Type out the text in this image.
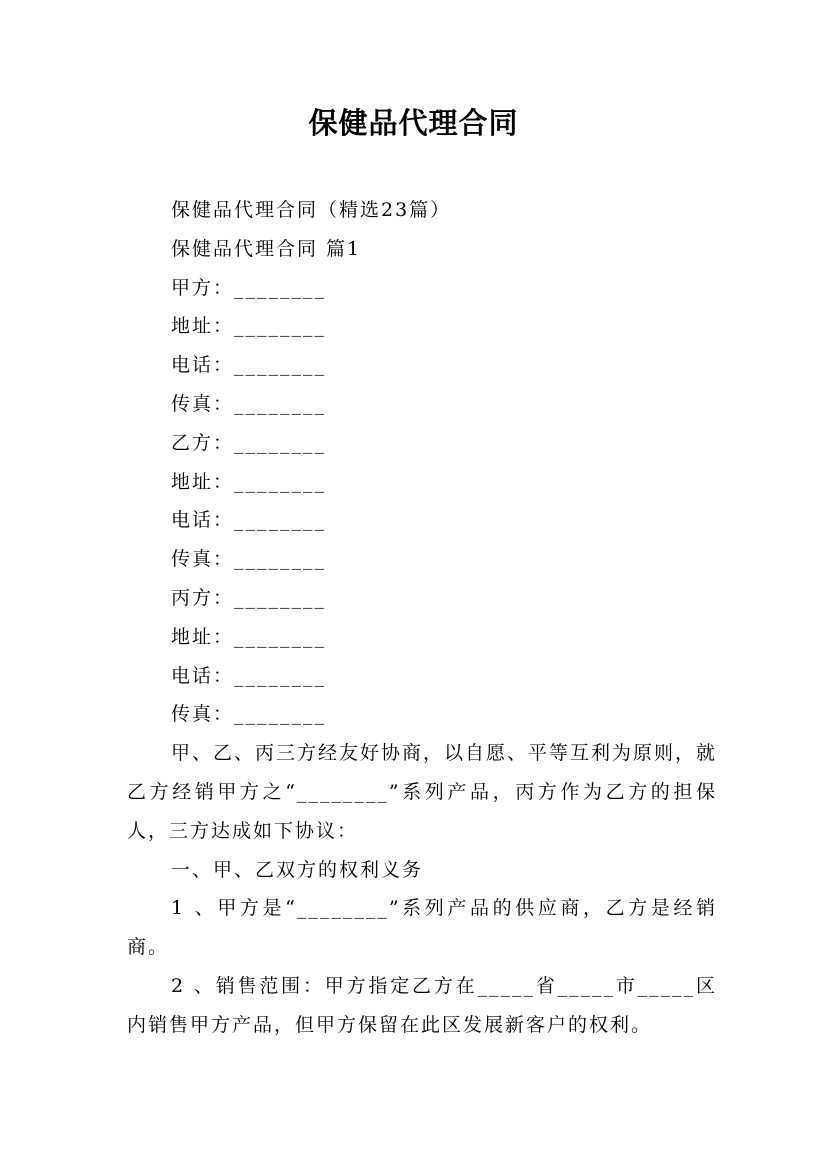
保健品代理合同

保健品代理合同（精选23篇）

保健品代理合同 篇1

甲方：________

地址：________

电话：________

传真：________

乙方：________

地址：________

电话：________

传真：________

丙方：________

地址：________

电话：________

传真：________

甲、乙、丙三方经友好协商，以自愿、平等互利为原则，就乙方经销甲方之“________”系列产品，丙方作为乙方的担保人，三方达成如下协议：

一、甲、乙双方的权利义务

1 、甲方是“________”系列产品的供应商，乙方是经销商。

2 、销售范围：甲方指定乙方在_____省_____市_____区内销售甲方产品，但甲方保留在此区发展新客户的权利。
